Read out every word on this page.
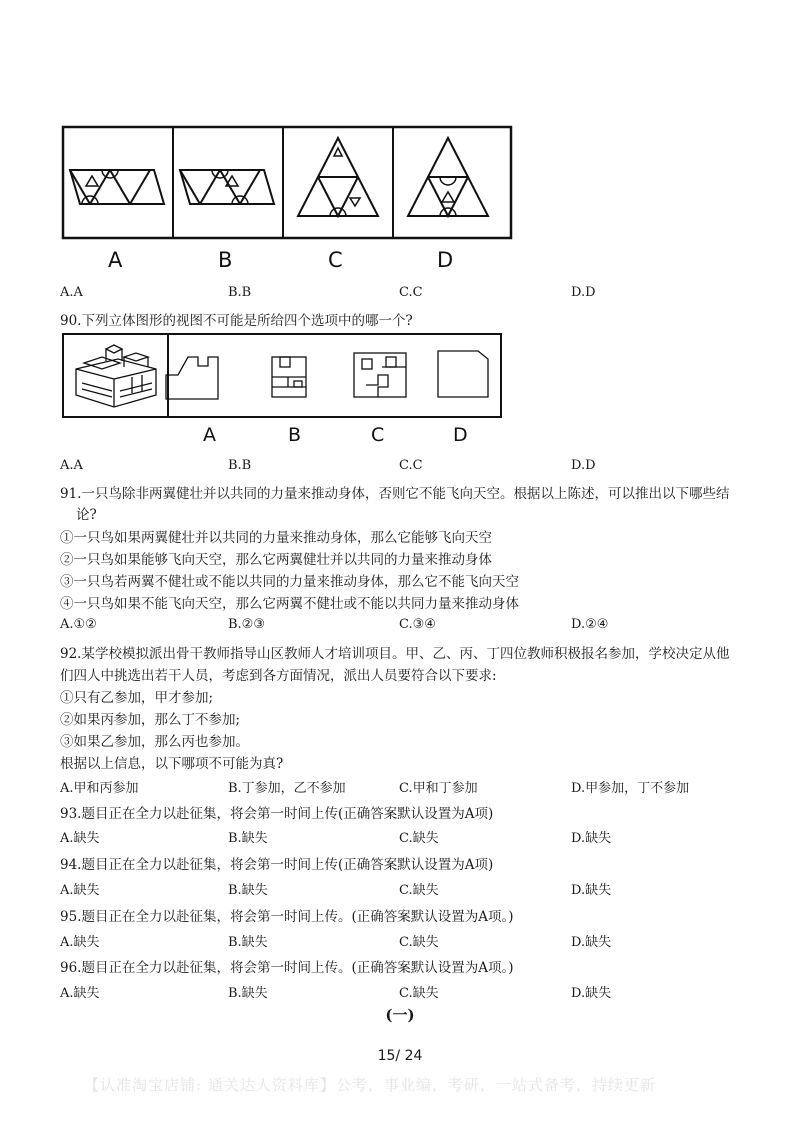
A	B	C	D
A.A	B.B	C.C	D.D
90.下列立体图形的视图不可能是所给四个选项中的哪一个?
A	B	C	D
A.A	B.B	C.C	D.D
91.一只鸟除非两翼健壮并以共同的力量来推动身体，否则它不能飞向天空。根据以上陈述，可以推出以下哪些结
论?
①一只鸟如果两翼健壮并以共同的力量来推动身体，那么它能够飞向天空
②一只鸟如果能够飞向天空，那么它两翼健壮并以共同的力量来推动身体
③一只鸟若两翼不健壮或不能以共同的力量来推动身体，那么它不能飞向天空
④一只鸟如果不能飞向天空，那么它两翼不健壮或不能以共同力量来推动身体
A.①②	B.②③	C.③④	D.②④
92.某学校模拟派出骨干教师指导山区教师人才培训项目。甲、乙、丙、丁四位教师积极报名参加，学校决定从他
们四人中挑选出若干人员，考虑到各方面情况，派出人员要符合以下要求:
①只有乙参加，甲才参加;
②如果丙参加，那么丁不参加;
③如果乙参加，那么丙也参加。
根据以上信息，以下哪项不可能为真?
A.甲和丙参加	B.丁参加，乙不参加	C.甲和丁参加	D.甲参加，丁不参加
93.题目正在全力以赴征集，将会第一时间上传(正确答案默认设置为A项)
A.缺失	B.缺失	C.缺失	D.缺失
94.题目正在全力以赴征集，将会第一时间上传(正确答案默认设置为A项)
A.缺失	B.缺失	C.缺失	D.缺失
95.题目正在全力以赴征集，将会第一时间上传。(正确答案默认设置为A项。)
A.缺失	B.缺失	C.缺失	D.缺失
96.题目正在全力以赴征集，将会第一时间上传。(正确答案默认设置为A项。)
A.缺失	B.缺失	C.缺失	D.缺失
(一)
15/ 24
【认准淘宝店铺: 通关达人资料库】公考，事业编，考研，一站式备考，持续更新
